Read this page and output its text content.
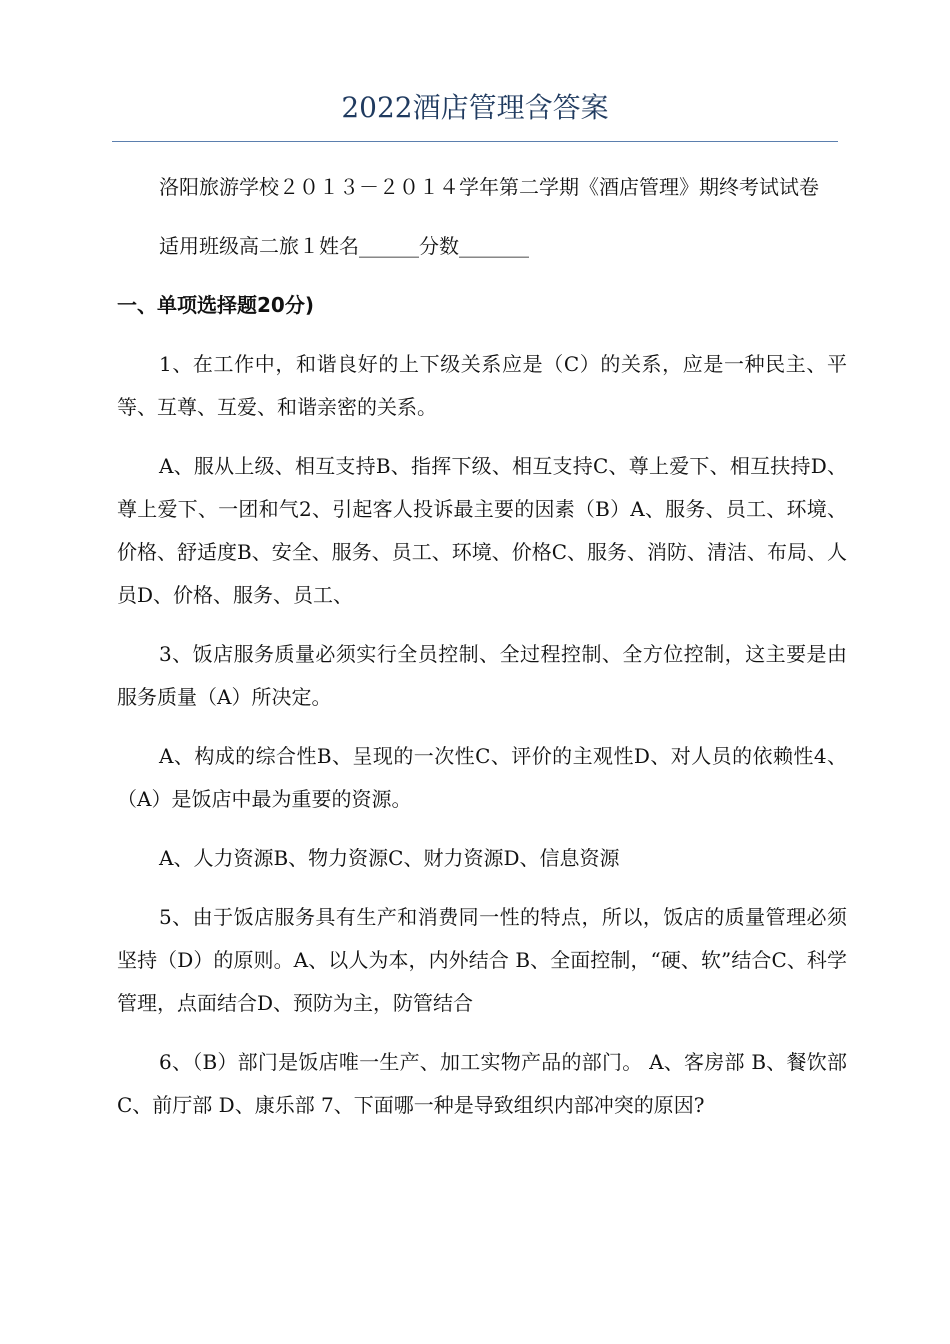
2022酒店管理含答案

洛阳旅游学校２０１３－２０１４学年第二学期《酒店管理》期终考试试卷

适用班级高二旅１姓名______分数_______

一、单项选择题20分)

1、在工作中，和谐良好的上下级关系应是（C）的关系，应是一种民主、平等、互尊、互爱、和谐亲密的关系。

A、服从上级、相互支持B、指挥下级、相互支持C、尊上爱下、相互扶持D、尊上爱下、一团和气2、引起客人投诉最主要的因素（B）A、服务、员工、环境、价格、舒适度B、安全、服务、员工、环境、价格C、服务、消防、清洁、布局、人员D、价格、服务、员工、

3、饭店服务质量必须实行全员控制、全过程控制、全方位控制，这主要是由服务质量（A）所决定。

A、构成的综合性B、呈现的一次性C、评价的主观性D、对人员的依赖性4、（A）是饭店中最为重要的资源。

A、人力资源B、物力资源C、财力资源D、信息资源

5、由于饭店服务具有生产和消费同一性的特点，所以，饭店的质量管理必须坚持（D）的原则。A、以人为本，内外结合 B、全面控制，“硬、软”结合C、科学管理，点面结合D、预防为主，防管结合

6、（B）部门是饭店唯一生产、加工实物产品的部门。 A、客房部 B、餐饮部 C、前厅部 D、康乐部 7、下面哪一种是导致组织内部冲突的原因?
